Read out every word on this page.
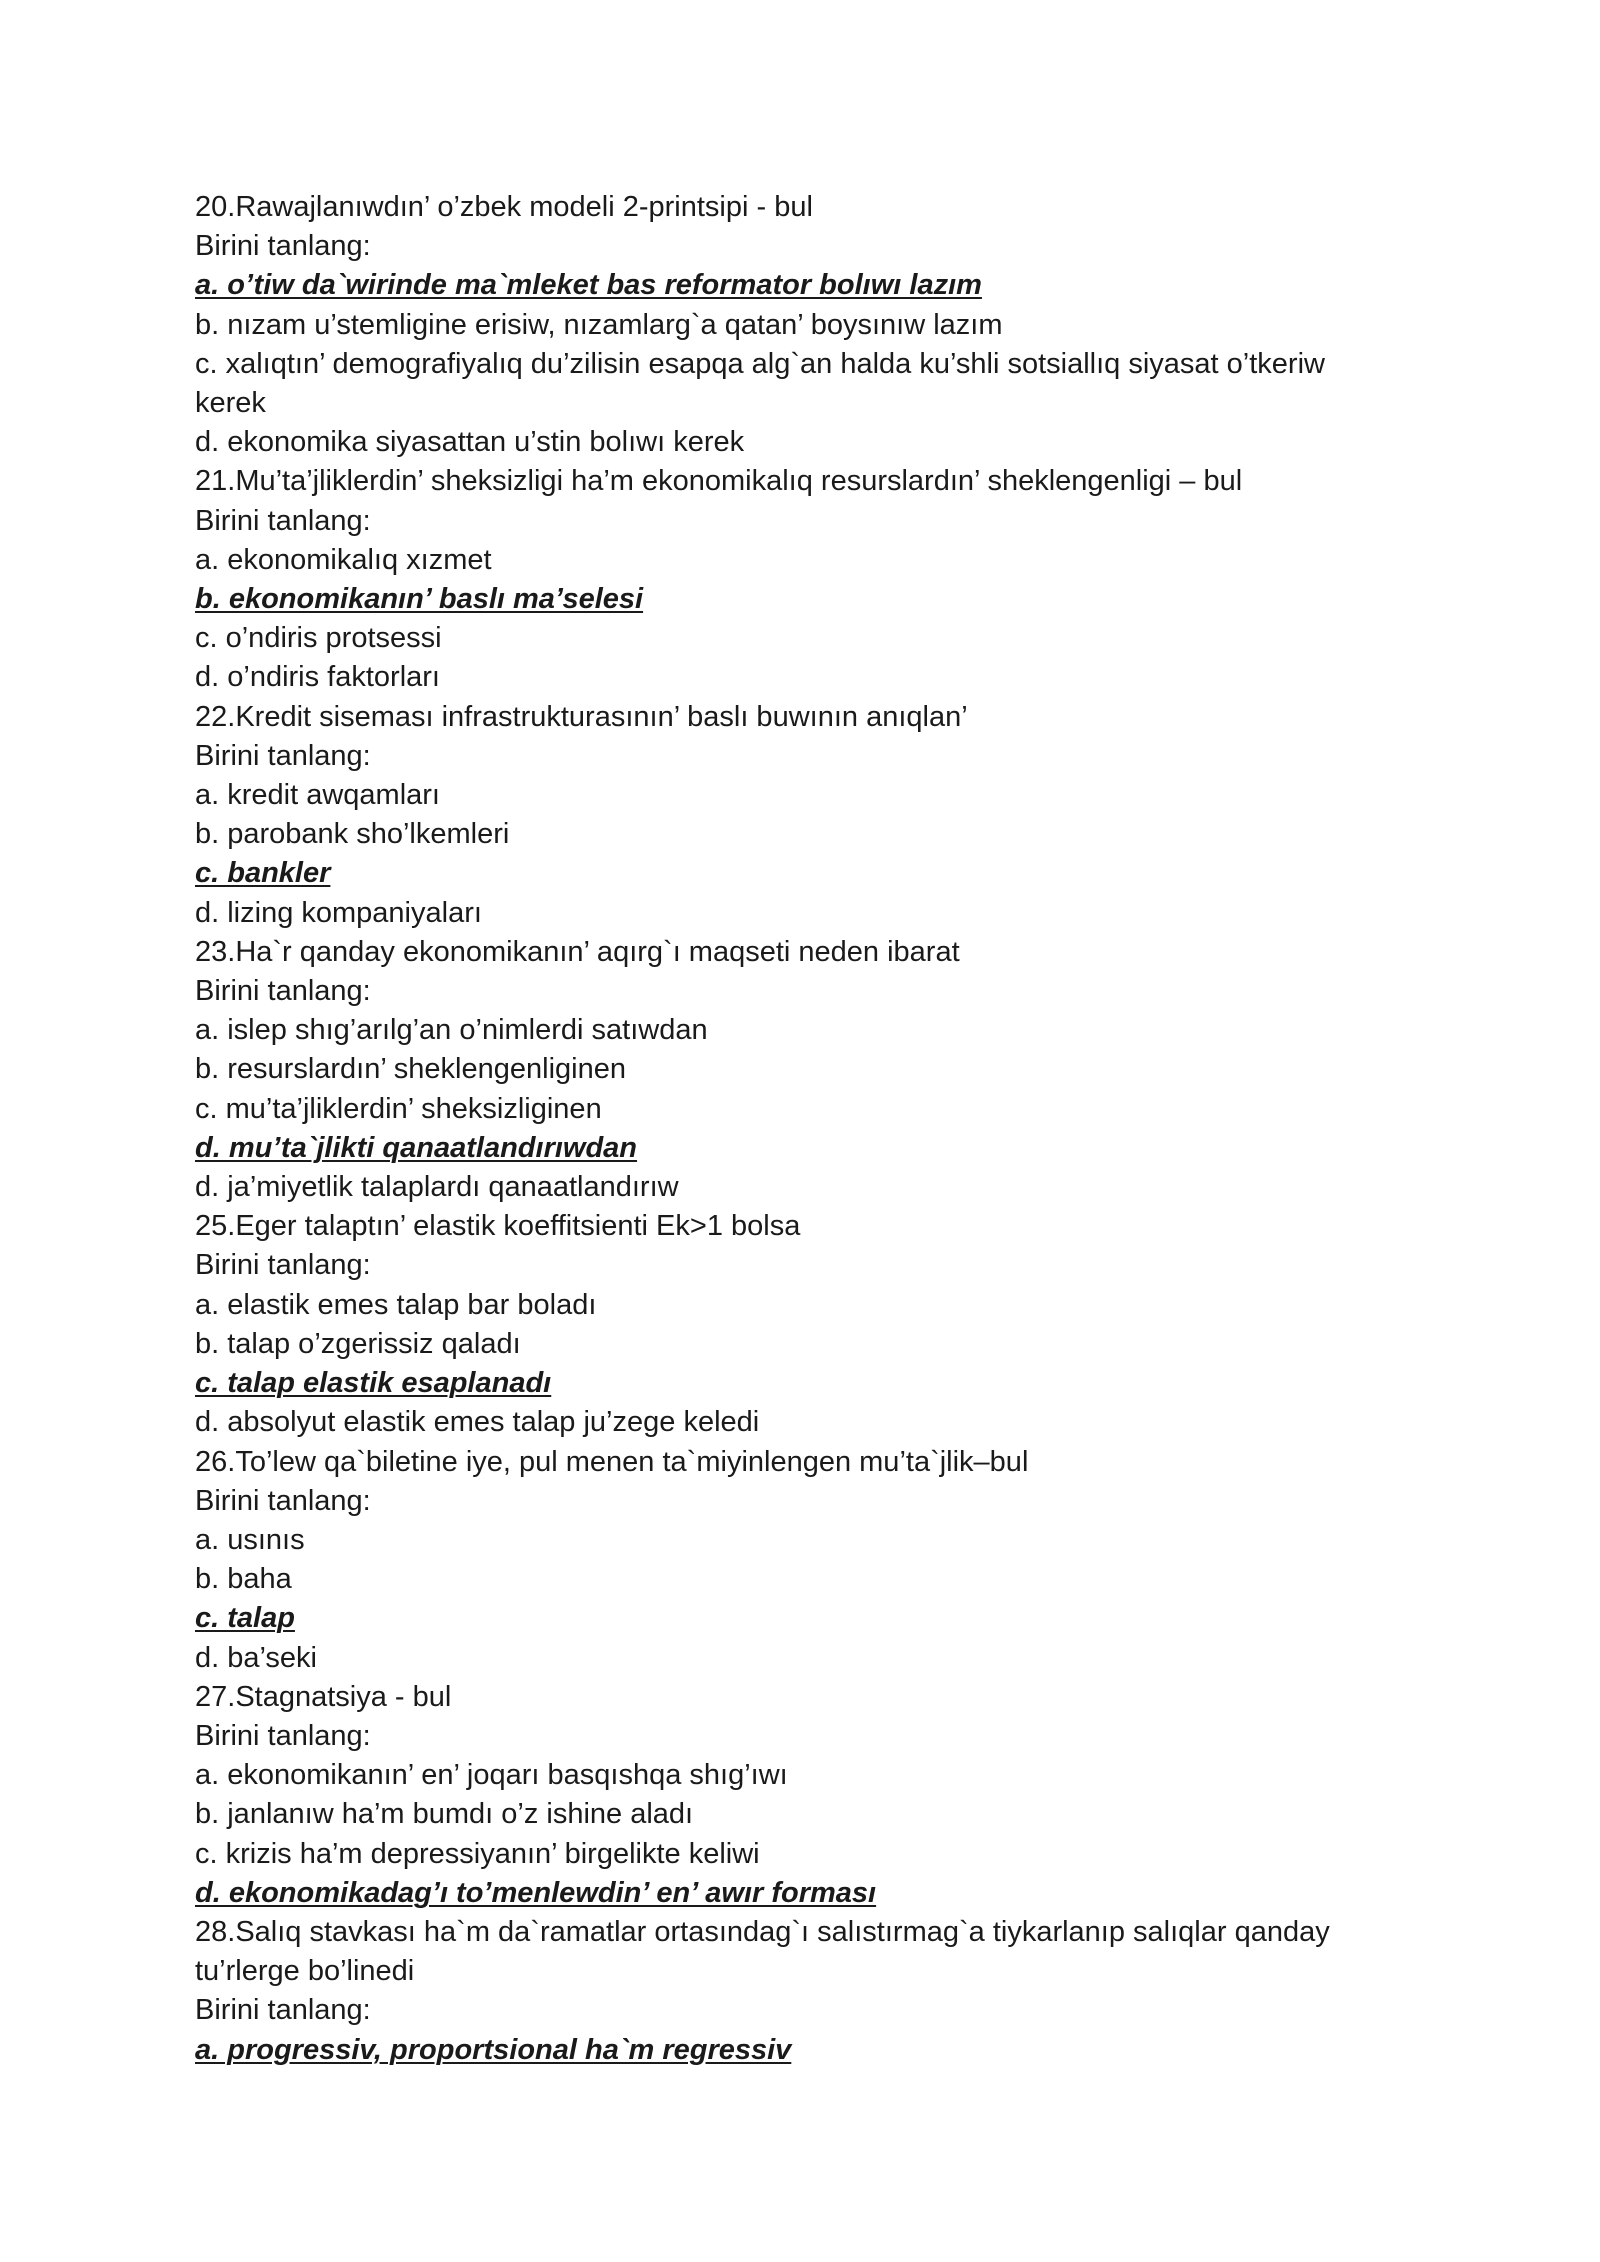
20.Rawajlanıwdın’ o’zbek modeli 2-printsipi - bul
Birini tanlang:
a. o’tiw da`wirinde ma`mleket bas reformator bolıwı lazım
b. nızam u’stemligine erisiw, nızamlarg`a qatan’ boysınıw lazım
c. xalıqtın’ demografiyalıq du’zilisin esapqa alg`an halda ku’shli sotsiallıq siyasat o’tkeriw kerek
d. ekonomika siyasattan u’stin bolıwı kerek
21.Mu’ta’jliklerdin’ sheksizligi ha’m ekonomikalıq resurslardın’ sheklengenligi – bul
Birini tanlang:
a. ekonomikalıq xızmet
b. ekonomikanın’ baslı ma’selesi
c. o’ndiris protsessi
d. o’ndiris faktorları
22.Kredit siseması infrastrukturasının’ baslı buwının anıqlan’
Birini tanlang:
a. kredit awqamları
b. parobank sho’lkemleri
c. bankler
d. lizing kompaniyaları
23.Ha`r qanday ekonomikanın’ aqırg`ı maqseti neden ibarat
Birini tanlang:
a. islep shıg’arılg’an o’nimlerdi satıwdan
b. resurslardın’ sheklengenliginen
c. mu’ta’jliklerdin’ sheksizliginen
d. mu’ta`jlikti qanaatlandırıwdan
d. ja’miyetlik talaplardı qanaatlandırıw
25.Eger talaptın’ elastik koeffitsienti Ek>1 bolsa
Birini tanlang:
a. elastik emes talap bar boladı
b. talap o’zgerissiz qaladı
c. talap elastik esaplanadı
d. absolyut elastik emes talap ju’zege keledi
26.To’lew qa`biletine iye, pul menen ta`miyinlengen mu’ta`jlik–bul
Birini tanlang:
a. usınıs
b. baha
c. talap
d. ba’seki
27.Stagnatsiya - bul
Birini tanlang:
a. ekonomikanın’ en’ joqarı basqıshqa shıg’ıwı
b. janlanıw ha’m bumdı o’z ishine aladı
c. krizis ha’m depressiyanın’ birgelikte keliwi
d. ekonomikadag’ı to’menlewdin’ en’ awır forması
28.Salıq stavkası ha`m da`ramatlar ortasındag`ı salıstırmag`a tiykarlanıp salıqlar qanday tu’rlerge bo’linedi
Birini tanlang:
a. progressiv, proportsional ha`m regressiv
